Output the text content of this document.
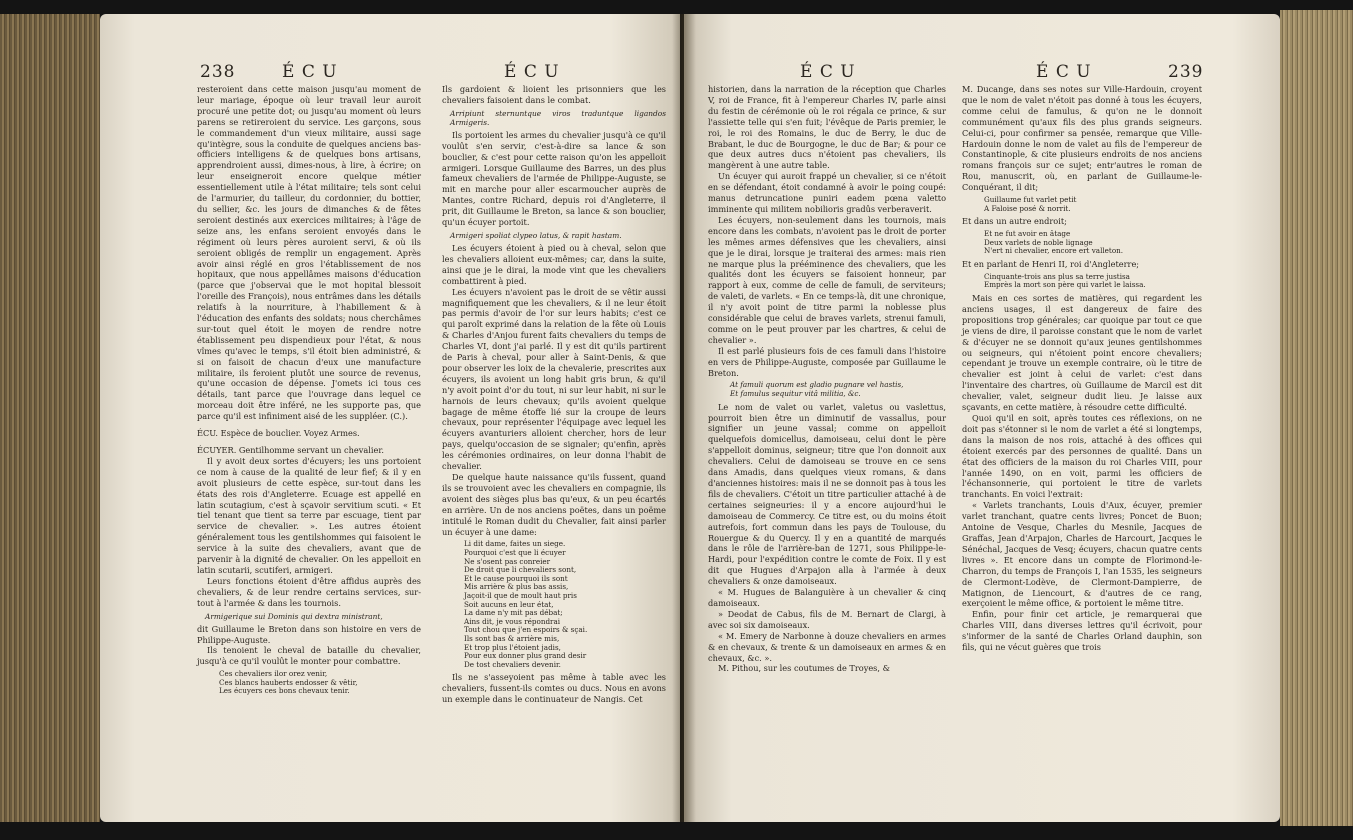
238	É C U	É C U

resteroient dans cette maison jusqu'au moment de leur mariage, époque où leur travail leur auroit procuré une petite dot; ou jusqu'au moment où leurs parens se retireroient du service. Les garçons, sous le commandement d'un vieux militaire, aussi sage qu'intègre, sous la conduite de quelques anciens bas-officiers intelligens & de quelques bons artisans, apprendroient aussi, dimes-nous, à lire, à écrire; on leur enseigneroit encore quelque métier essentiellement utile à l'état militaire; tels sont celui de l'armurier, du tailleur, du cordonnier, du bottier, du sellier, &c. les jours de dimanches & de fêtes seroient destinés aux exercices militaires; à l'âge de seize ans, les enfans seroient envoyés dans le régiment où leurs pères auroient servi, & où ils seroient obligés de remplir un engagement. Après avoir ainsi réglé en gros l'établissement de nos hopitaux, que nous appellâmes maisons d'éducation (parce que j'observai que le mot hopital blessoit l'oreille des François), nous entrâmes dans les détails relatifs à la nourriture, à l'habillement & à l'éducation des enfants des soldats; nous cherchâmes sur-tout quel étoit le moyen de rendre notre établissement peu dispendieux pour l'état, & nous vîmes qu'avec le temps, s'il étoit bien administré, & si on faisoit de chacun d'eux une manufacture militaire, ils feroient plutôt une source de revenus, qu'une occasion de dépense. J'omets ici tous ces détails, tant parce que l'ouvrage dans lequel ce morceau doit être inféré, ne les supporte pas, que parce qu'il est infiniment aisé de les suppléer. (C.).

ÉCU. Espèce de bouclier. Voyez Armes.

ÉCUYER. Gentilhomme servant un chevalier.

Il y avoit deux sortes d'écuyers; les uns portoient ce nom à cause de la qualité de leur fief; & il y en avoit plusieurs de cette espèce, sur-tout dans les états des rois d'Angleterre. Ecuage est appellé en latin scutagium, c'est à sçavoir servitium scuti. « Et tiel tenant que tient sa terre par escuage, tient par service de chevalier. ». Les autres étoient généralement tous les gentilshommes qui faisoient le service à la suite des chevaliers, avant que de parvenir à la dignité de chevalier. On les appelloit en latin scutarii, scutiferi, armigeri.

Leurs fonctions étoient d'être affidus auprès des chevaliers, & de leur rendre certains services, sur-tout à l'armée & dans les tournois.

Armigerique sui Dominis qui dextra ministrant,

dit Guillaume le Breton dans son histoire en vers de Philippe-Auguste.

Ils tenoient le cheval de bataille du chevalier, jusqu'à ce qu'il voulût le monter pour combattre.

Ces chevaliers ilor orez venir,
Ces blancs hauberts endosser & vêtir,
Les écuyers ces bons chevaux tenir.

Ils gardoient & lioient les prisonniers que les chevaliers faisoient dans le combat.

Arripiunt sternuntque viros traduntque ligandos Armigeris.

Ils portoient les armes du chevalier jusqu'à ce qu'il voulût s'en servir, c'est-à-dire sa lance & son bouclier, & c'est pour cette raison qu'on les appelloit armigeri. Lorsque Guillaume des Barres, un des plus fameux chevaliers de l'armée de Philippe-Auguste, se mit en marche pour aller escarmoucher auprès de Mantes, contre Richard, depuis roi d'Angleterre, il prit, dit Guillaume le Breton, sa lance & son bouclier, qu'un écuyer portoit.

Armigeri spoliat clypeo latus, & rapit hastam.

Les écuyers étoient à pied ou à cheval, selon que les chevaliers alloient eux-mêmes; car, dans la suite, ainsi que je le dirai, la mode vint que les chevaliers combattirent à pied.

Les écuyers n'avoient pas le droit de se vêtir aussi magnifiquement que les chevaliers, & il ne leur étoit pas permis d'avoir de l'or sur leurs habits; c'est ce qui paroît exprimé dans la relation de la fête où Louis & Charles d'Anjou furent faits chevaliers du temps de Charles VI, dont j'ai parlé. Il y est dit qu'ils partirent de Paris à cheval, pour aller à Saint-Denis, & que pour observer les loix de la chevalerie, prescrites aux écuyers, ils avoient un long habit gris brun, & qu'il n'y avoit point d'or du tout, ni sur leur habit, ni sur le harnois de leurs chevaux; qu'ils avoient quelque bagage de même étoffe lié sur la croupe de leurs chevaux, pour représenter l'équipage avec lequel les écuyers avanturiers alloient chercher, hors de leur pays, quelqu'occasion de se signaler; qu'enfin, après les cérémonies ordinaires, on leur donna l'habit de chevalier.

De quelque haute naissance qu'ils fussent, quand ils se trouvoient avec les chevaliers en compagnie, ils avoient des sièges plus bas qu'eux, & un peu écartés en arrière. Un de nos anciens poëtes, dans un poëme intitulé le Roman dudit du Chevalier, fait ainsi parler un écuyer à une dame:

Li dit dame, faites un siege.
Pourquoi c'est que li écuyer
Ne s'osent pas conreier
De droit que li chevaliers sont,
Et le cause pourquoi ils sont
Mis arrière & plus bas assis,
Jaçoit-il que de moult haut pris
Soit aucuns en leur état,
La dame n'y mit pas débat;
Ains dit, je vous répondrai
Tout chou que j'en espoirs & sçai.
Ils sont bas & arrière mis,
Et trop plus l'étoient jadis,
Pour eux donner plus grand desir
De tost chevaliers devenir.

Ils ne s'asseyoient pas même à table avec les chevaliers, fussent-ils comtes ou ducs. Nous en avons un exemple dans le continuateur de Nangis. Cet

É C U	É C U	239

historien, dans la narration de la réception que Charles V, roi de France, fit à l'empereur Charles IV, parle ainsi du festin de cérémonie où le roi régala ce prince, & sur l'assiette telle qui s'en fuit; l'évêque de Paris premier, le roi, le roi des Romains, le duc de Berry, le duc de Brabant, le duc de Bourgogne, le duc de Bar; & pour ce que deux autres ducs n'étoient pas chevaliers, ils mangèrent à une autre table.

Un écuyer qui auroit frappé un chevalier, si ce n'étoit en se défendant, étoit condamné à avoir le poing coupé: manus detruncatione puniri eadem pœna valetto imminente qui militem nobilioris gradûs verberaverit.

Les écuyers, non-seulement dans les tournois, mais encore dans les combats, n'avoient pas le droit de porter les mêmes armes défensives que les chevaliers, ainsi que je le dirai, lorsque je traiterai des armes: mais rien ne marque plus la prééminence des chevaliers, que les qualités dont les écuyers se faisoient honneur, par rapport à eux, comme de celle de famuli, de serviteurs; de valeti, de varlets. « En ce temps-là, dit une chronique, il n'y avoit point de titre parmi la noblesse plus considérable que celui de braves varlets, strenui famuli, comme on le peut prouver par les chartres, & celui de chevalier ».

Il est parlé plusieurs fois de ces famuli dans l'histoire en vers de Philippe-Auguste, composée par Guillaume le Breton.

At famuli quorum est gladio pugnare vel hastis,
Et famulus sequitur vitâ militia, &c.

Le nom de valet ou varlet, valetus ou vaslettus, pourroit bien être un diminutif de vassallus, pour signifier un jeune vassal; comme on appelloit quelquefois domicellus, damoiseau, celui dont le père s'appelloit dominus, seigneur; titre que l'on donnoit aux chevaliers. Celui de damoiseau se trouve en ce sens dans Amadis, dans quelques vieux romans, & dans d'anciennes histoires: mais il ne se donnoit pas à tous les fils de chevaliers. C'étoit un titre particulier attaché à de certaines seigneuries: il y a encore aujourd'hui le damoiseau de Commercy. Ce titre est, ou du moins étoit autrefois, fort commun dans les pays de Toulouse, du Rouergue & du Quercy. Il y en a quantité de marqués dans le rôle de l'arrière-ban de 1271, sous Philippe-le-Hardi, pour l'expédition contre le comte de Foix. Il y est dit que Hugues d'Arpajon alla à l'armée à deux chevaliers & onze damoiseaux.

« M. Hugues de Balanguière à un chevalier & cinq damoiseaux.

» Deodat de Cabus, fils de M. Bernart de Clargi, à avec soi six damoiseaux.

« M. Emery de Narbonne à douze chevaliers en armes & en chevaux, & trente & un damoiseaux en armes & en chevaux, &c. ».

M. Pithou, sur les coutumes de Troyes, &

M. Ducange, dans ses notes sur Ville-Hardouin, croyent que le nom de valet n'étoit pas donné à tous les écuyers, comme celui de famulus, & qu'on ne le donnoit communément qu'aux fils des plus grands seigneurs. Celui-ci, pour confirmer sa pensée, remarque que Ville-Hardouin donne le nom de valet au fils de l'empereur de Constantinople, & cite plusieurs endroits de nos anciens romans françois sur ce sujet; entr'autres le roman de Rou, manuscrit, où, en parlant de Guillaume-le-Conquérant, il dit;

Guillaume fut varlet petit
A Faloise posé & norrit.

Et dans un autre endroit;

Et ne fut avoir en âtage
Deux varlets de noble lignage
N'ert ni chevalier, encore ert valleton.

Et en parlant de Henri II, roi d'Angleterre;

Cinquante-trois ans plus sa terre justisa
Emprès la mort son père qui varlet le laissa.

Mais en ces sortes de matières, qui regardent les anciens usages, il est dangereux de faire des propositions trop générales; car quoique par tout ce que je viens de dire, il paroisse constant que le nom de varlet & d'écuyer ne se donnoit qu'aux jeunes gentilshommes ou seigneurs, qui n'étoient point encore chevaliers; cependant je trouve un exemple contraire, où le titre de chevalier est joint à celui de varlet: c'est dans l'inventaire des chartres, où Guillaume de Marcil est dit chevalier, valet, seigneur dudit lieu. Je laisse aux sçavants, en cette matière, à résoudre cette difficulté.

Quoi qu'il en soit, après toutes ces réflexions, on ne doit pas s'étonner si le nom de varlet a été si longtemps, dans la maison de nos rois, attaché à des offices qui étoient exercés par des personnes de qualité. Dans un état des officiers de la maison du roi Charles VIII, pour l'année 1490, on en voit, parmi les officiers de l'échansonnerie, qui portoient le titre de varlets tranchants. En voici l'extrait:

« Varlets tranchants, Louis d'Aux, écuyer, premier varlet tranchant, quatre cents livres; Poncet de Buon; Antoine de Vesque, Charles du Mesnile, Jacques de Graffas, Jean d'Arpajon, Charles de Harcourt, Jacques le Sénéchal, Jacques de Vesq; écuyers, chacun quatre cents livres ». Et encore dans un compte de Florimond-le-Charron, du temps de François I, l'an 1535, les seigneurs de Clermont-Lodève, de Clermont-Dampierre, de Matignon, de Liencourt, & d'autres de ce rang, exerçoient le même office, & portoient le même titre.

Enfin, pour finir cet article, je remarquerai que Charles VIII, dans diverses lettres qu'il écrivoit, pour s'informer de la santé de Charles Orland dauphin, son fils, qui ne vécut guères que trois
